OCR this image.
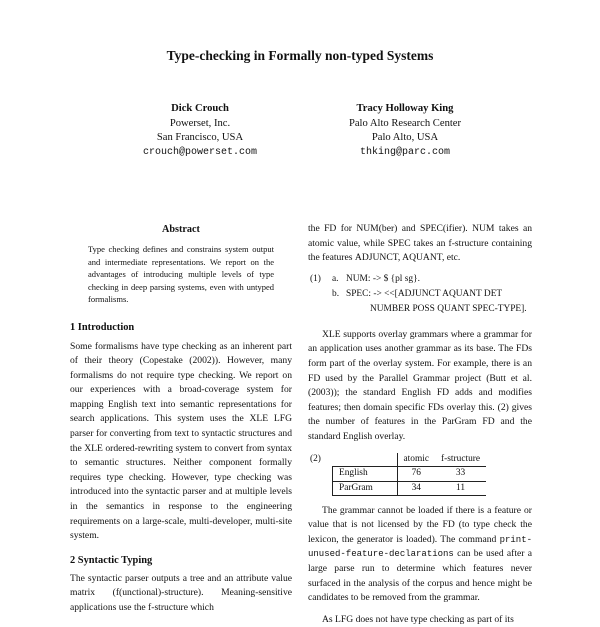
Type-checking in Formally non-typed Systems
Dick Crouch
Powerset, Inc.
San Francisco, USA
crouch@powerset.com
Tracy Holloway King
Palo Alto Research Center
Palo Alto, USA
thking@parc.com
Abstract
Type checking defines and constrains system output and intermediate representations. We report on the advantages of introducing multiple levels of type checking in deep parsing systems, even with untyped formalisms.
1 Introduction
Some formalisms have type checking as an inherent part of their theory (Copestake (2002)). However, many formalisms do not require type checking. We report on our experiences with a broad-coverage system for mapping English text into semantic representations for search applications. This system uses the XLE LFG parser for converting from text to syntactic structures and the XLE ordered-rewriting system to convert from syntax to semantic structures. Neither component formally requires type checking. However, type checking was introduced into the syntactic parser and at multiple levels in the semantics in response to the engineering requirements on a large-scale, multi-developer, multi-site system.
2 Syntactic Typing
The syntactic parser outputs a tree and an attribute value matrix (f(unctional)-structure). Meaning-sensitive applications use the f-structure which
the FD for NUM(ber) and SPEC(ifier). NUM takes an atomic value, while SPEC takes an f-structure containing the features ADJUNCT, AQUANT, etc.
(1) a. NUM: -> $ {pl sg}.
b. SPEC: -> <<[ADJUNCT AQUANT DET
NUMBER POSS QUANT SPEC-TYPE].
XLE supports overlay grammars where a grammar for an application uses another grammar as its base. The FDs form part of the overlay system. For example, there is an FD used by the Parallel Grammar project (Butt et al. (2003)); the standard English FD adds and modifies features; then domain specific FDs overlay this. (2) gives the number of features in the ParGram FD and the standard English overlay.
(2)
		atomic	f-structure
English	76	33
ParGram	34	11
The grammar cannot be loaded if there is a feature or value that is not licensed by the FD (to type check the lexicon, the generator is loaded). The command print-unused-feature-declarations can be used after a large parse run to determine which features never surfaced in the analysis of the corpus and hence might be candidates to be removed from the grammar.
As LFG does not have type checking as part of its
